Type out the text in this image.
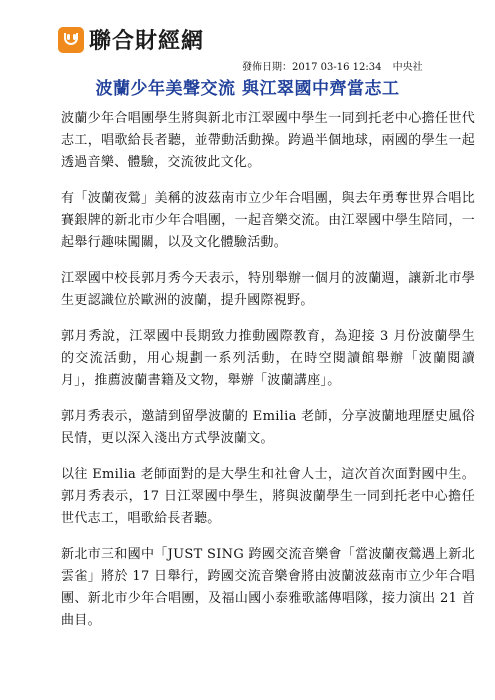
聯合財經網
發佈日期：2017 03-16 12:34 中央社
波蘭少年美聲交流 與江翠國中齊當志工

波蘭少年合唱團學生將與新北市江翠國中學生一同到托老中心擔任世代志工，唱歌給長者聽，並帶動活動操。跨過半個地球，兩國的學生一起透過音樂、體驗，交流彼此文化。

有「波蘭夜鶯」美稱的波茲南市立少年合唱團，與去年勇奪世界合唱比賽銀牌的新北市少年合唱團，一起音樂交流。由江翠國中學生陪同，一起舉行趣味闖關，以及文化體驗活動。

江翠國中校長郭月秀今天表示，特別舉辦一個月的波蘭週，讓新北市學生更認識位於歐洲的波蘭，提升國際視野。

郭月秀說，江翠國中長期致力推動國際教育，為迎接 3 月份波蘭學生的交流活動，用心規劃一系列活動，在時空閱讀館舉辦「波蘭閱讀月」，推薦波蘭書籍及文物，舉辦「波蘭講座」。

郭月秀表示，邀請到留學波蘭的 Emilia 老師，分享波蘭地理歷史風俗民情，更以深入淺出方式學波蘭文。

以往 Emilia 老師面對的是大學生和社會人士，這次首次面對國中生。郭月秀表示，17 日江翠國中學生，將與波蘭學生一同到托老中心擔任世代志工，唱歌給長者聽。

新北市三和國中「JUST SING 跨國交流音樂會「當波蘭夜鶯遇上新北雲雀」將於 17 日舉行，跨國交流音樂會將由波蘭波茲南市立少年合唱團、新北市少年合唱團，及福山國小泰雅歌謠傳唱隊，接力演出 21 首曲目。
